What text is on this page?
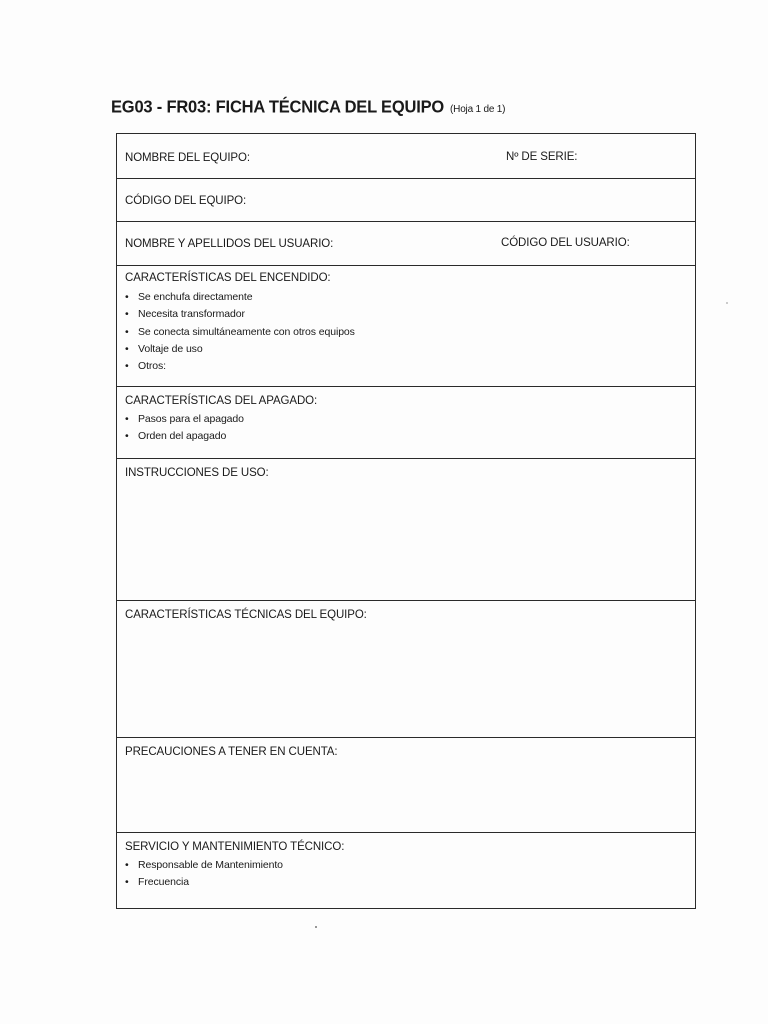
EG03 - FR03: FICHA TÉCNICA DEL EQUIPO (Hoja 1 de 1)
NOMBRE DEL EQUIPO:	Nº DE SERIE:
CÓDIGO DEL EQUIPO:
NOMBRE Y APELLIDOS DEL USUARIO:	CÓDIGO DEL USUARIO:
CARACTERÍSTICAS DEL ENCENDIDO:
• Se enchufa directamente
• Necesita transformador
• Se conecta simultáneamente con otros equipos
• Voltaje de uso
• Otros:
CARACTERÍSTICAS DEL APAGADO:
• Pasos para el apagado
• Orden del apagado
INSTRUCCIONES DE USO:
CARACTERÍSTICAS TÉCNICAS DEL EQUIPO:
PRECAUCIONES A TENER EN CUENTA:
SERVICIO Y MANTENIMIENTO TÉCNICO:
• Responsable de Mantenimiento
• Frecuencia
